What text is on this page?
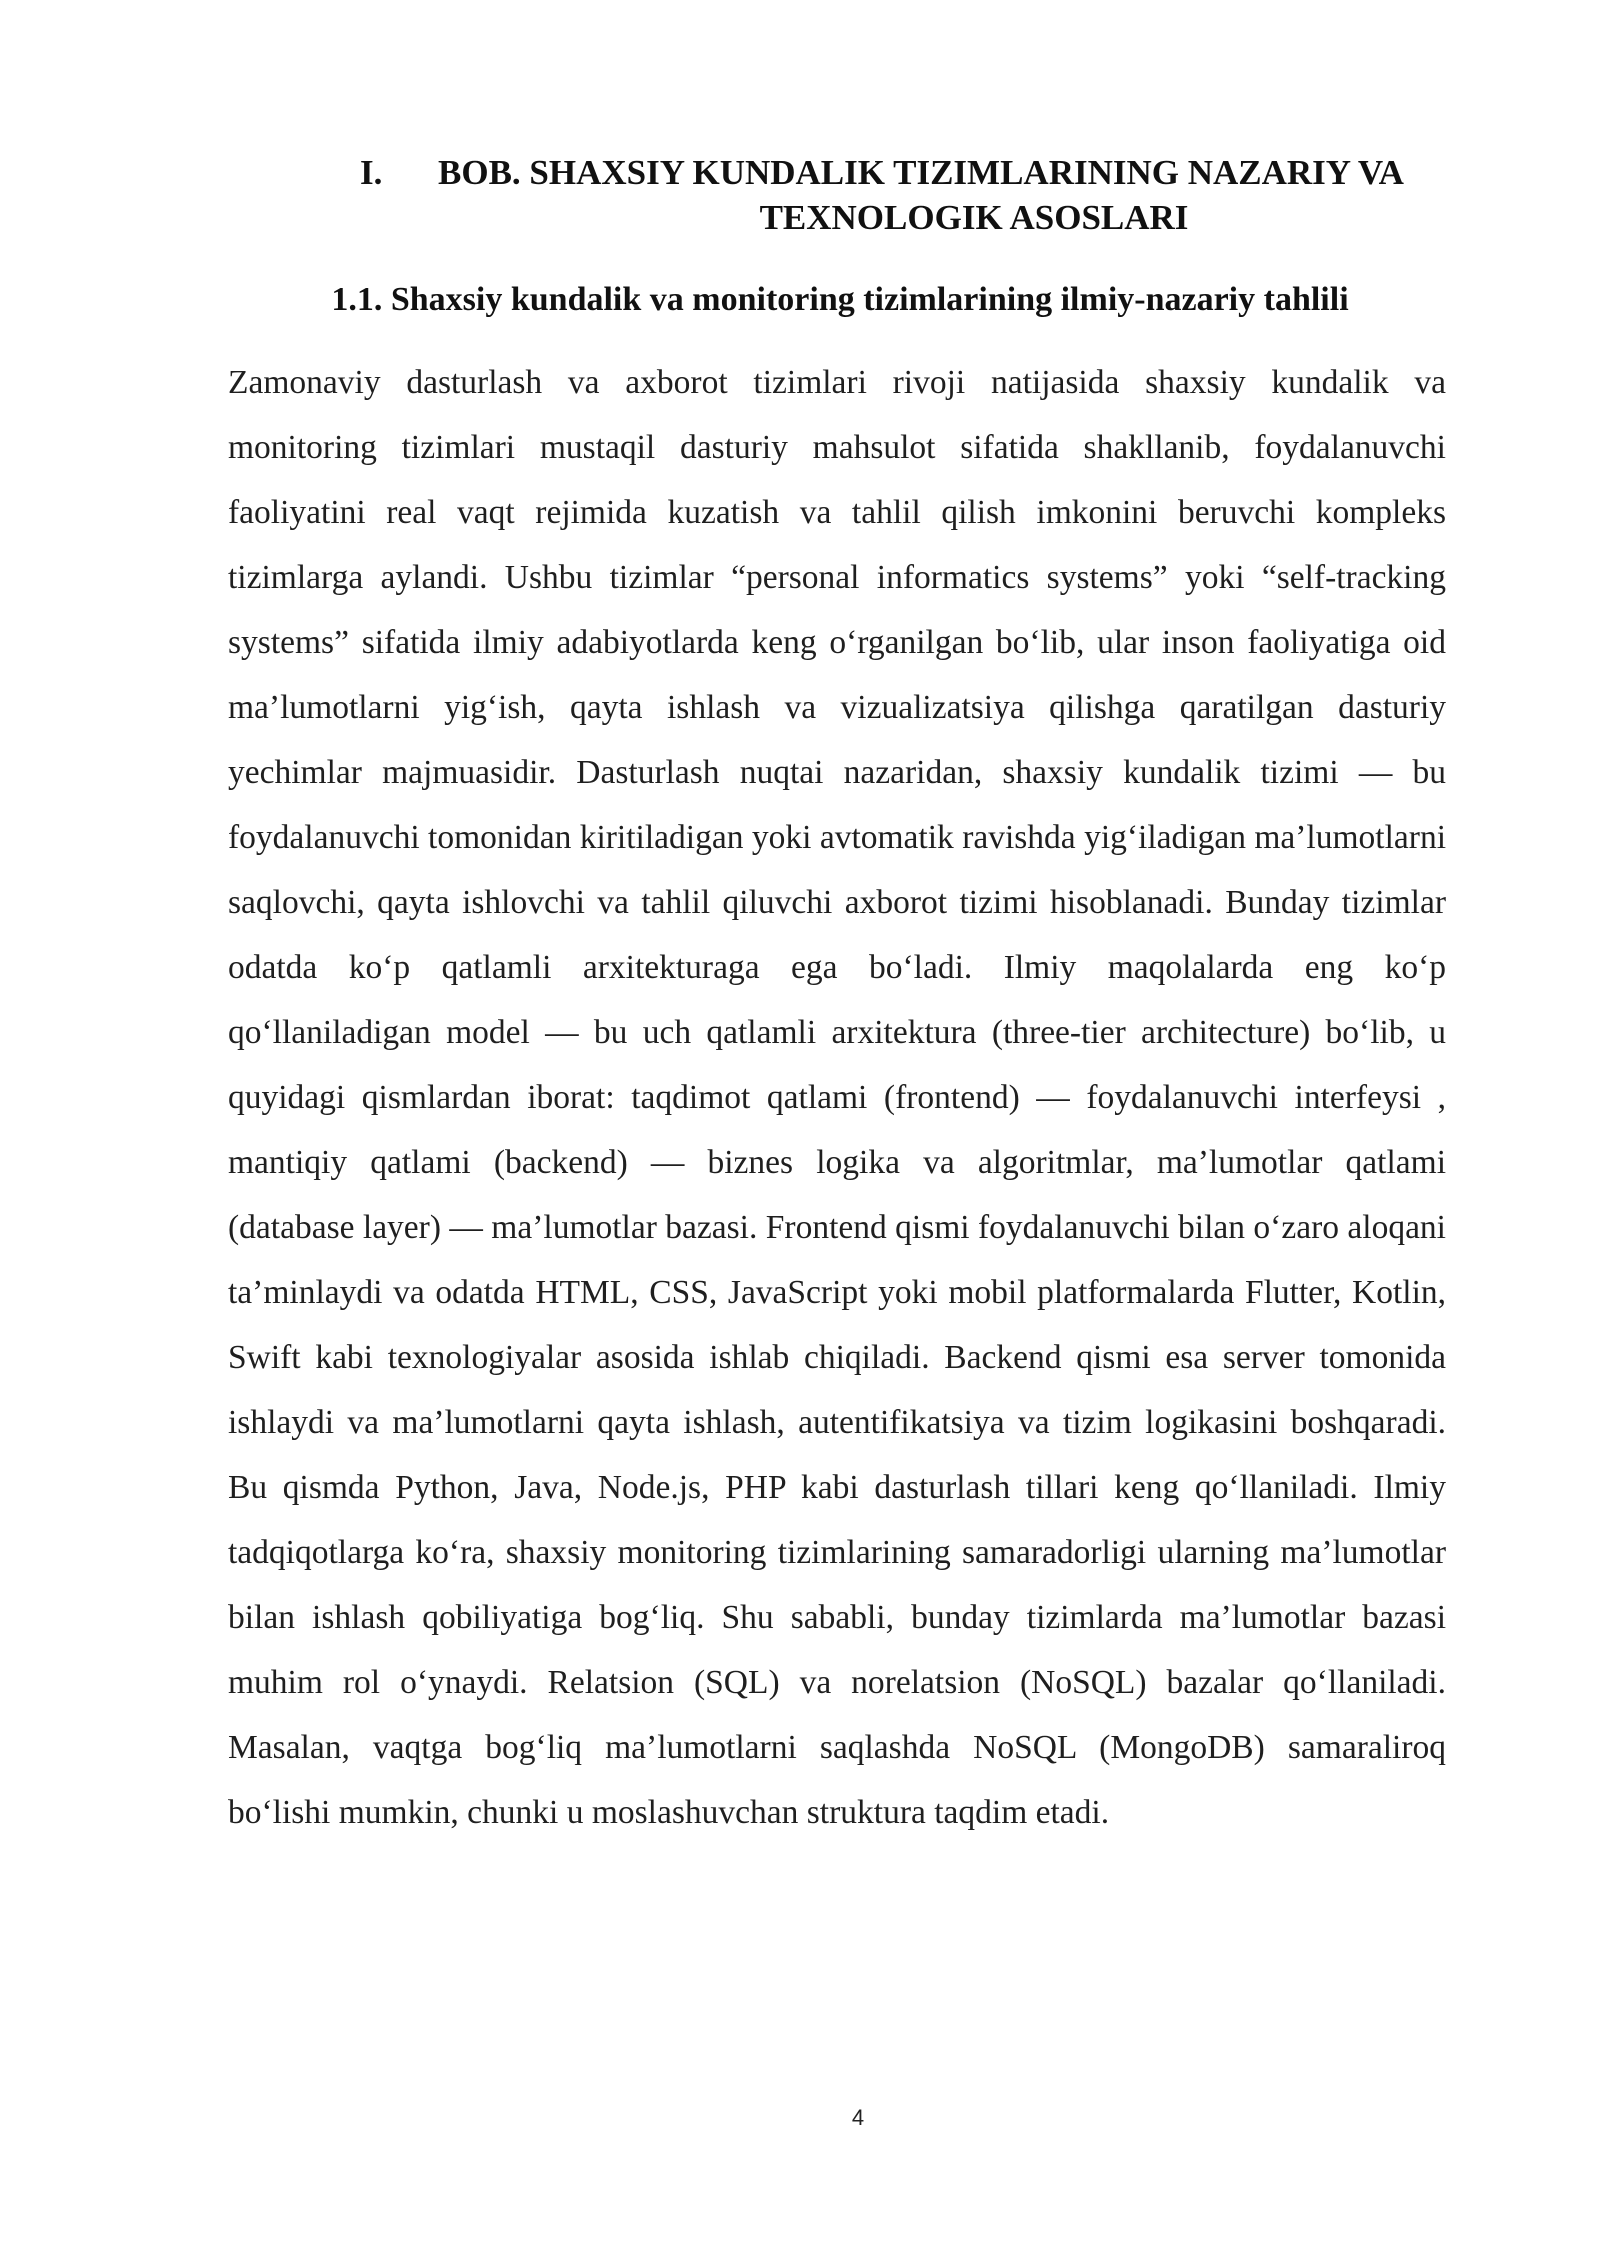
I.	BOB. SHAXSIY KUNDALIK TIZIMLARINING NAZARIY VA
TEXNOLOGIK ASOSLARI
1.1. Shaxsiy kundalik va monitoring tizimlarining ilmiy-nazariy tahlili
Zamonaviy dasturlash va axborot tizimlari rivoji natijasida shaxsiy kundalik va monitoring tizimlari mustaqil dasturiy mahsulot sifatida shakllanib, foydalanuvchi faoliyatini real vaqt rejimida kuzatish va tahlil qilish imkonini beruvchi kompleks tizimlarga aylandi. Ushbu tizimlar “personal informatics systems” yoki “self-tracking systems” sifatida ilmiy adabiyotlarda keng o‘rganilgan bo‘lib, ular inson faoliyatiga oid ma’lumotlarni yig‘ish, qayta ishlash va vizualizatsiya qilishga qaratilgan dasturiy yechimlar majmuasidir. Dasturlash nuqtai nazaridan, shaxsiy kundalik tizimi — bu foydalanuvchi tomonidan kiritiladigan yoki avtomatik ravishda yig‘iladigan ma’lumotlarni saqlovchi, qayta ishlovchi va tahlil qiluvchi axborot tizimi hisoblanadi. Bunday tizimlar odatda ko‘p qatlamli arxitekturaga ega bo‘ladi. Ilmiy maqolalarda eng ko‘p qo‘llaniladigan model — bu uch qatlamli arxitektura (three-tier architecture) bo‘lib, u quyidagi qismlardan iborat: taqdimot qatlami (frontend) — foydalanuvchi interfeysi , mantiqiy qatlami (backend) — biznes logika va algoritmlar, ma’lumotlar qatlami (database layer) — ma’lumotlar bazasi. Frontend qismi foydalanuvchi bilan o‘zaro aloqani ta’minlaydi va odatda HTML, CSS, JavaScript yoki mobil platformalarda Flutter, Kotlin, Swift kabi texnologiyalar asosida ishlab chiqiladi. Backend qismi esa server tomonida ishlaydi va ma’lumotlarni qayta ishlash, autentifikatsiya va tizim logikasini boshqaradi. Bu qismda Python, Java, Node.js, PHP kabi dasturlash tillari keng qo‘llaniladi. Ilmiy tadqiqotlarga ko‘ra, shaxsiy monitoring tizimlarining samaradorligi ularning ma’lumotlar bilan ishlash qobiliyatiga bog‘liq. Shu sababli, bunday tizimlarda ma’lumotlar bazasi muhim rol o‘ynaydi. Relatsion (SQL) va norelatsion (NoSQL) bazalar qo‘llaniladi. Masalan, vaqtga bog‘liq ma’lumotlarni saqlashda NoSQL (MongoDB) samaraliroq bo‘lishi mumkin, chunki u moslashuvchan struktura taqdim etadi.
4
